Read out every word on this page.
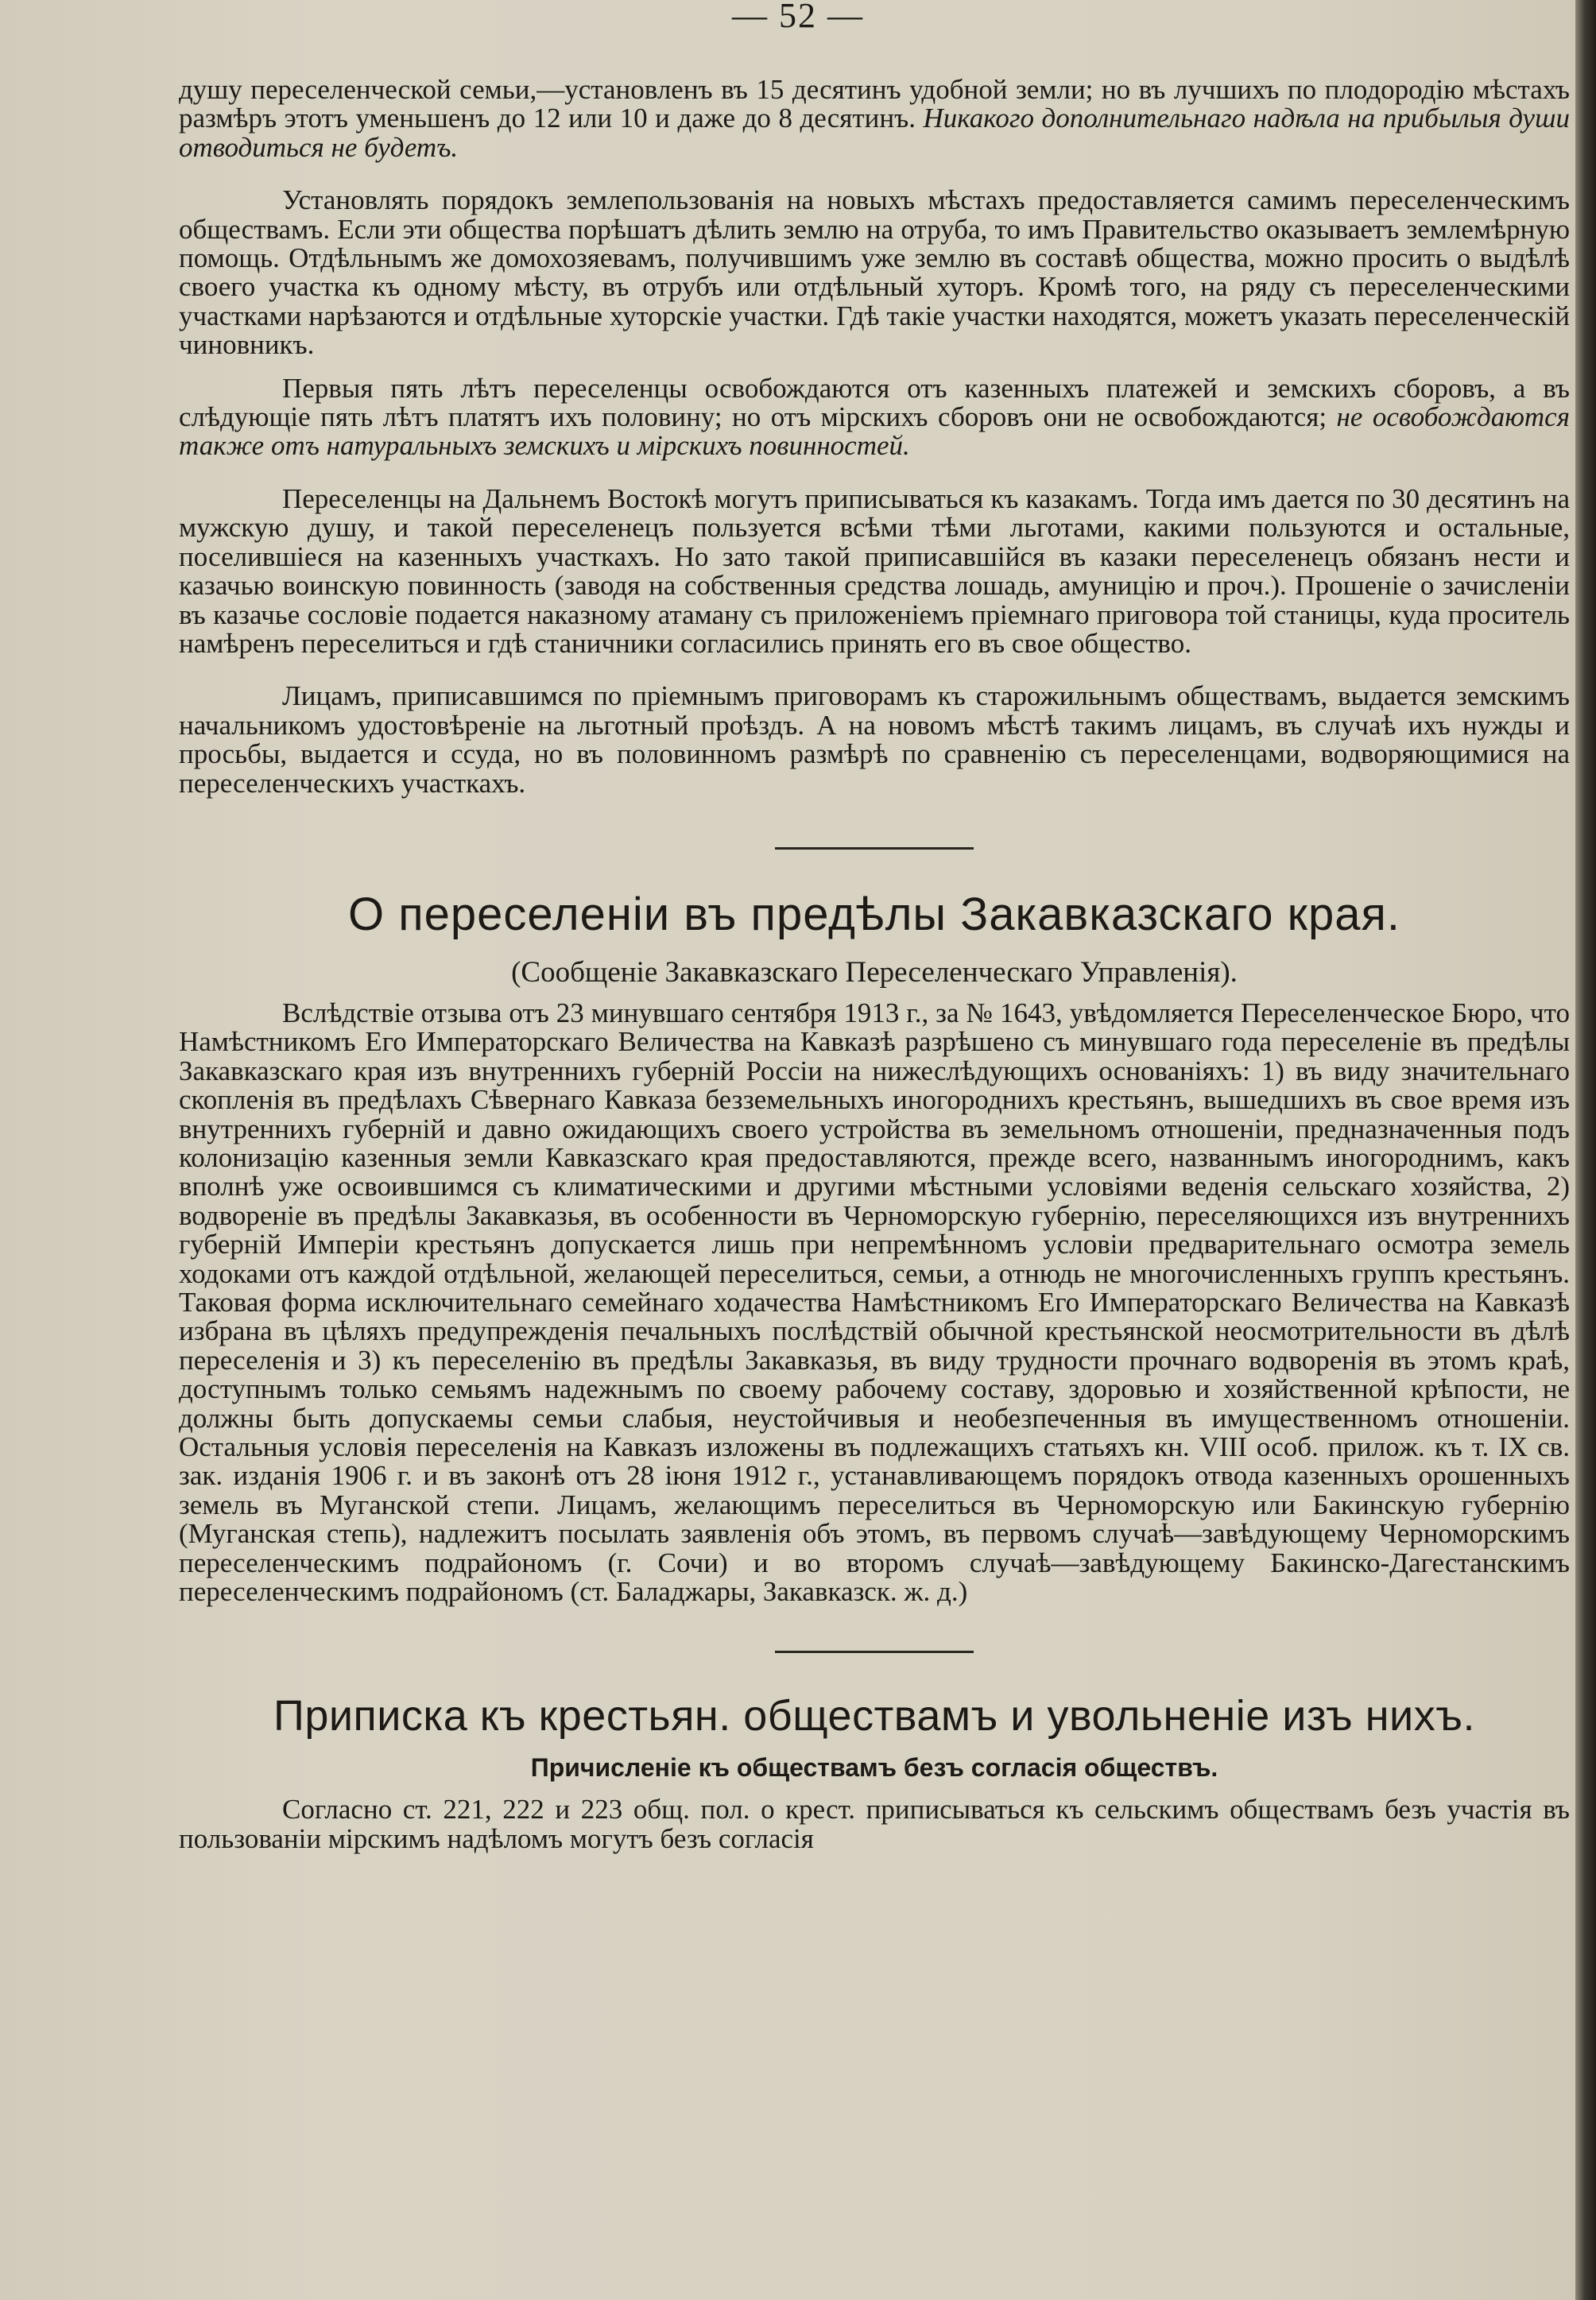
— 52 —

душу переселенческой семьи,—установленъ въ 15 десятинъ удобной земли; но въ лучшихъ по плодородію мѣстахъ размѣръ этотъ уменьшенъ до 12 или 10 и даже до 8 десятинъ. Никакого дополнительнаго надѣла на прибылыя души отводиться не будетъ.

Установлять порядокъ землепользованія на новыхъ мѣстахъ предоставляется самимъ переселенческимъ обществамъ. Если эти общества порѣшатъ дѣлить землю на отруба, то имъ Правительство оказываетъ землемѣрную помощь. Отдѣльнымъ же домохозяевамъ, получившимъ уже землю въ составѣ общества, можно просить о выдѣлѣ своего участка къ одному мѣсту, въ отрубъ или отдѣльный хуторъ. Кромѣ того, на ряду съ переселенческими участками нарѣзаются и отдѣльные хуторскіе участки. Гдѣ такіе участки находятся, можетъ указать переселенческій чиновникъ.

Первыя пять лѣтъ переселенцы освобождаются отъ казенныхъ платежей и земскихъ сборовъ, а въ слѣдующіе пять лѣтъ платятъ ихъ половину; но отъ мірскихъ сборовъ они не освобождаются; не освобождаются также отъ натуральныхъ земскихъ и мірскихъ повинностей.

Переселенцы на Дальнемъ Востокѣ могутъ приписываться къ казакамъ. Тогда имъ дается по 30 десятинъ на мужскую душу, и такой переселенецъ пользуется всѣми тѣми льготами, какими пользуются и остальные, поселившіеся на казенныхъ участкахъ. Но зато такой приписавшійся въ казаки переселенецъ обязанъ нести и казачью воинскую повинность (заводя на собственныя средства лошадь, амуницію и проч.). Прошеніе о зачисленіи въ казачье сословіе подается наказному атаману съ приложеніемъ пріемнаго приговора той станицы, куда проситель намѣренъ переселиться и гдѣ станичники согласились принять его въ свое общество.

Лицамъ, приписавшимся по пріемнымъ приговорамъ къ старожильнымъ обществамъ, выдается земскимъ начальникомъ удостовѣреніе на льготный проѣздъ. А на новомъ мѣстѣ такимъ лицамъ, въ случаѣ ихъ нужды и просьбы, выдается и ссуда, но въ половинномъ размѣрѣ по сравненію съ переселенцами, водворяющимися на переселенческихъ участкахъ.

О переселеніи въ предѣлы Закавказскаго края.
(Сообщеніе Закавказскаго Переселенческаго Управленія).

Вслѣдствіе отзыва отъ 23 минувшаго сентября 1913 г., за № 1643, увѣдомляется Переселенческое Бюро, что Намѣстникомъ Его Императорскаго Величества на Кавказѣ разрѣшено съ минувшаго года переселеніе въ предѣлы Закавказскаго края изъ внутреннихъ губерній Россіи на нижеслѣдующихъ основаніяхъ: 1) въ виду значительнаго скопленія въ предѣлахъ Сѣвернаго Кавказа безземельныхъ иногороднихъ крестьянъ, вышедшихъ въ свое время изъ внутреннихъ губерній и давно ожидающихъ своего устройства въ земельномъ отношеніи, предназначенныя подъ колонизацію казенныя земли Кавказскаго края предоставляются, прежде всего, названнымъ иногороднимъ, какъ вполнѣ уже освоившимся съ климатическими и другими мѣстными условіями веденія сельскаго хозяйства, 2) водвореніе въ предѣлы Закавказья, въ особенности въ Черноморскую губернію, переселяющихся изъ внутреннихъ губерній Имперіи крестьянъ допускается лишь при непремѣнномъ условіи предварительнаго осмотра земель ходоками отъ каждой отдѣльной, желающей переселиться, семьи, а отнюдь не многочисленныхъ группъ крестьянъ. Таковая форма исключительнаго семейнаго ходачества Намѣстникомъ Его Императорскаго Величества на Кавказѣ избрана въ цѣляхъ предупрежденія печальныхъ послѣдствій обычной крестьянской неосмотрительности въ дѣлѣ переселенія и 3) къ переселенію въ предѣлы Закавказья, въ виду трудности прочнаго водворенія въ этомъ краѣ, доступнымъ только семьямъ надежнымъ по своему рабочему составу, здоровью и хозяйственной крѣпости, не должны быть допускаемы семьи слабыя, неустойчивыя и необезпеченныя въ имущественномъ отношеніи. Остальныя условія переселенія на Кавказъ изложены въ подлежащихъ статьяхъ кн. VIII особ. прилож. къ т. IX св. зак. изданія 1906 г. и въ законѣ отъ 28 іюня 1912 г., устанавливающемъ порядокъ отвода казенныхъ орошенныхъ земель въ Муганской степи. Лицамъ, желающимъ переселиться въ Черноморскую или Бакинскую губернію (Муганская степь), надлежитъ посылать заявленія объ этомъ, въ первомъ случаѣ—завѣдующему Черноморскимъ переселенческимъ подрайономъ (г. Сочи) и во второмъ случаѣ—завѣдующему Бакинско-Дагестанскимъ переселенческимъ подрайономъ (ст. Баладжары, Закавказск. ж. д.)

Приписка къ крестьян. обществамъ и увольненіе изъ нихъ.
Причисленіе къ обществамъ безъ согласія обществъ.

Согласно ст. 221, 222 и 223 общ. пол. о крест. приписываться къ сельскимъ обществамъ безъ участія въ пользованіи мірскимъ надѣломъ могутъ безъ согласія
